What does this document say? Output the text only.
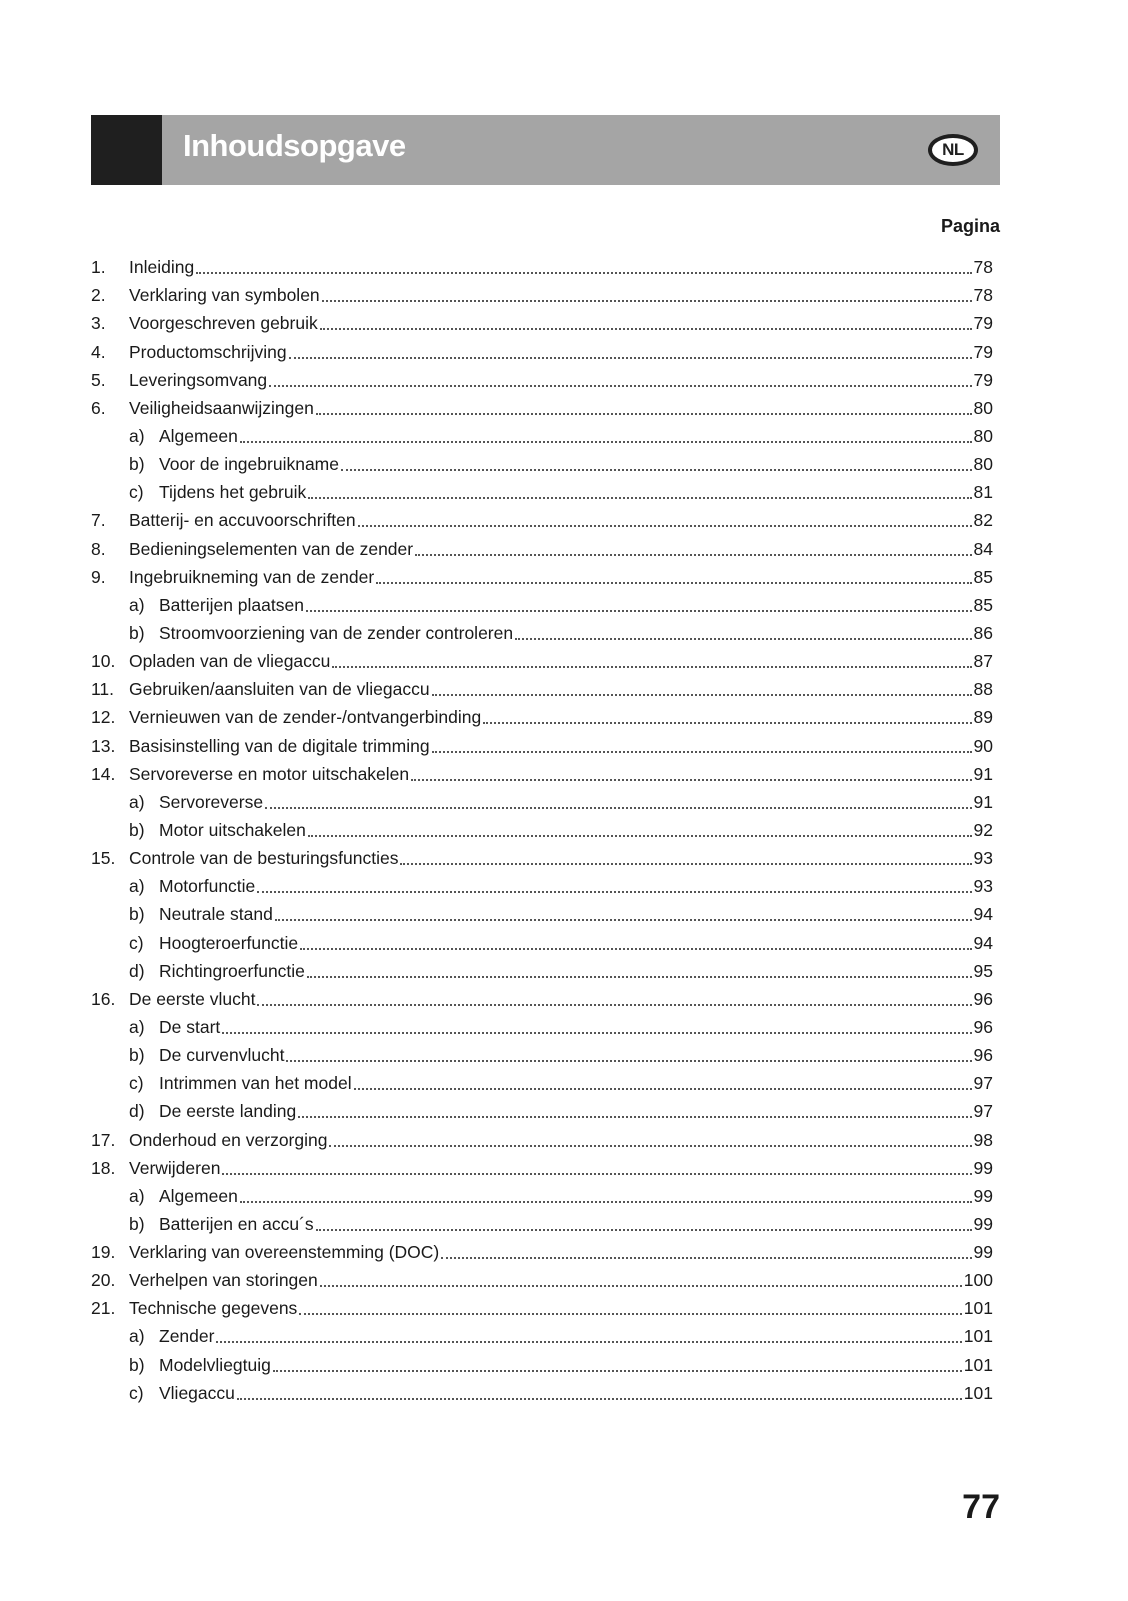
Inhoudsopgave	NL
Pagina
1.	Inleiding	78
2.	Verklaring van symbolen	78
3.	Voorgeschreven gebruik	79
4.	Productomschrijving	79
5.	Leveringsomvang	79
6.	Veiligheidsaanwijzingen	80
a) Algemeen	80
b) Voor de ingebruikname	80
c) Tijdens het gebruik	81
7.	Batterij- en accuvoorschriften	82
8.	Bedieningselementen van de zender	84
9.	Ingebruikneming van de zender	85
a) Batterijen plaatsen	85
b) Stroomvoorziening van de zender controleren	86
10. Opladen van de vliegaccu	87
11. Gebruiken/aansluiten van de vliegaccu	88
12. Vernieuwen van de zender-/ontvangerbinding	89
13. Basisinstelling van de digitale trimming	90
14. Servoreverse en motor uitschakelen	91
a) Servoreverse	91
b) Motor uitschakelen	92
15. Controle van de besturingsfuncties	93
a) Motorfunctie	93
b) Neutrale stand	94
c) Hoogteroerfunctie	94
d) Richtingroerfunctie	95
16. De eerste vlucht	96
a) De start	96
b) De curvenvlucht	96
c) Intrimmen van het model	97
d) De eerste landing	97
17. Onderhoud en verzorging	98
18. Verwijderen	99
a) Algemeen	99
b) Batterijen en accu´s	99
19. Verklaring van overeenstemming (DOC)	99
20. Verhelpen van storingen	100
21. Technische gegevens	101
a) Zender	101
b) Modelvliegtuig	101
c) Vliegaccu	101
77
